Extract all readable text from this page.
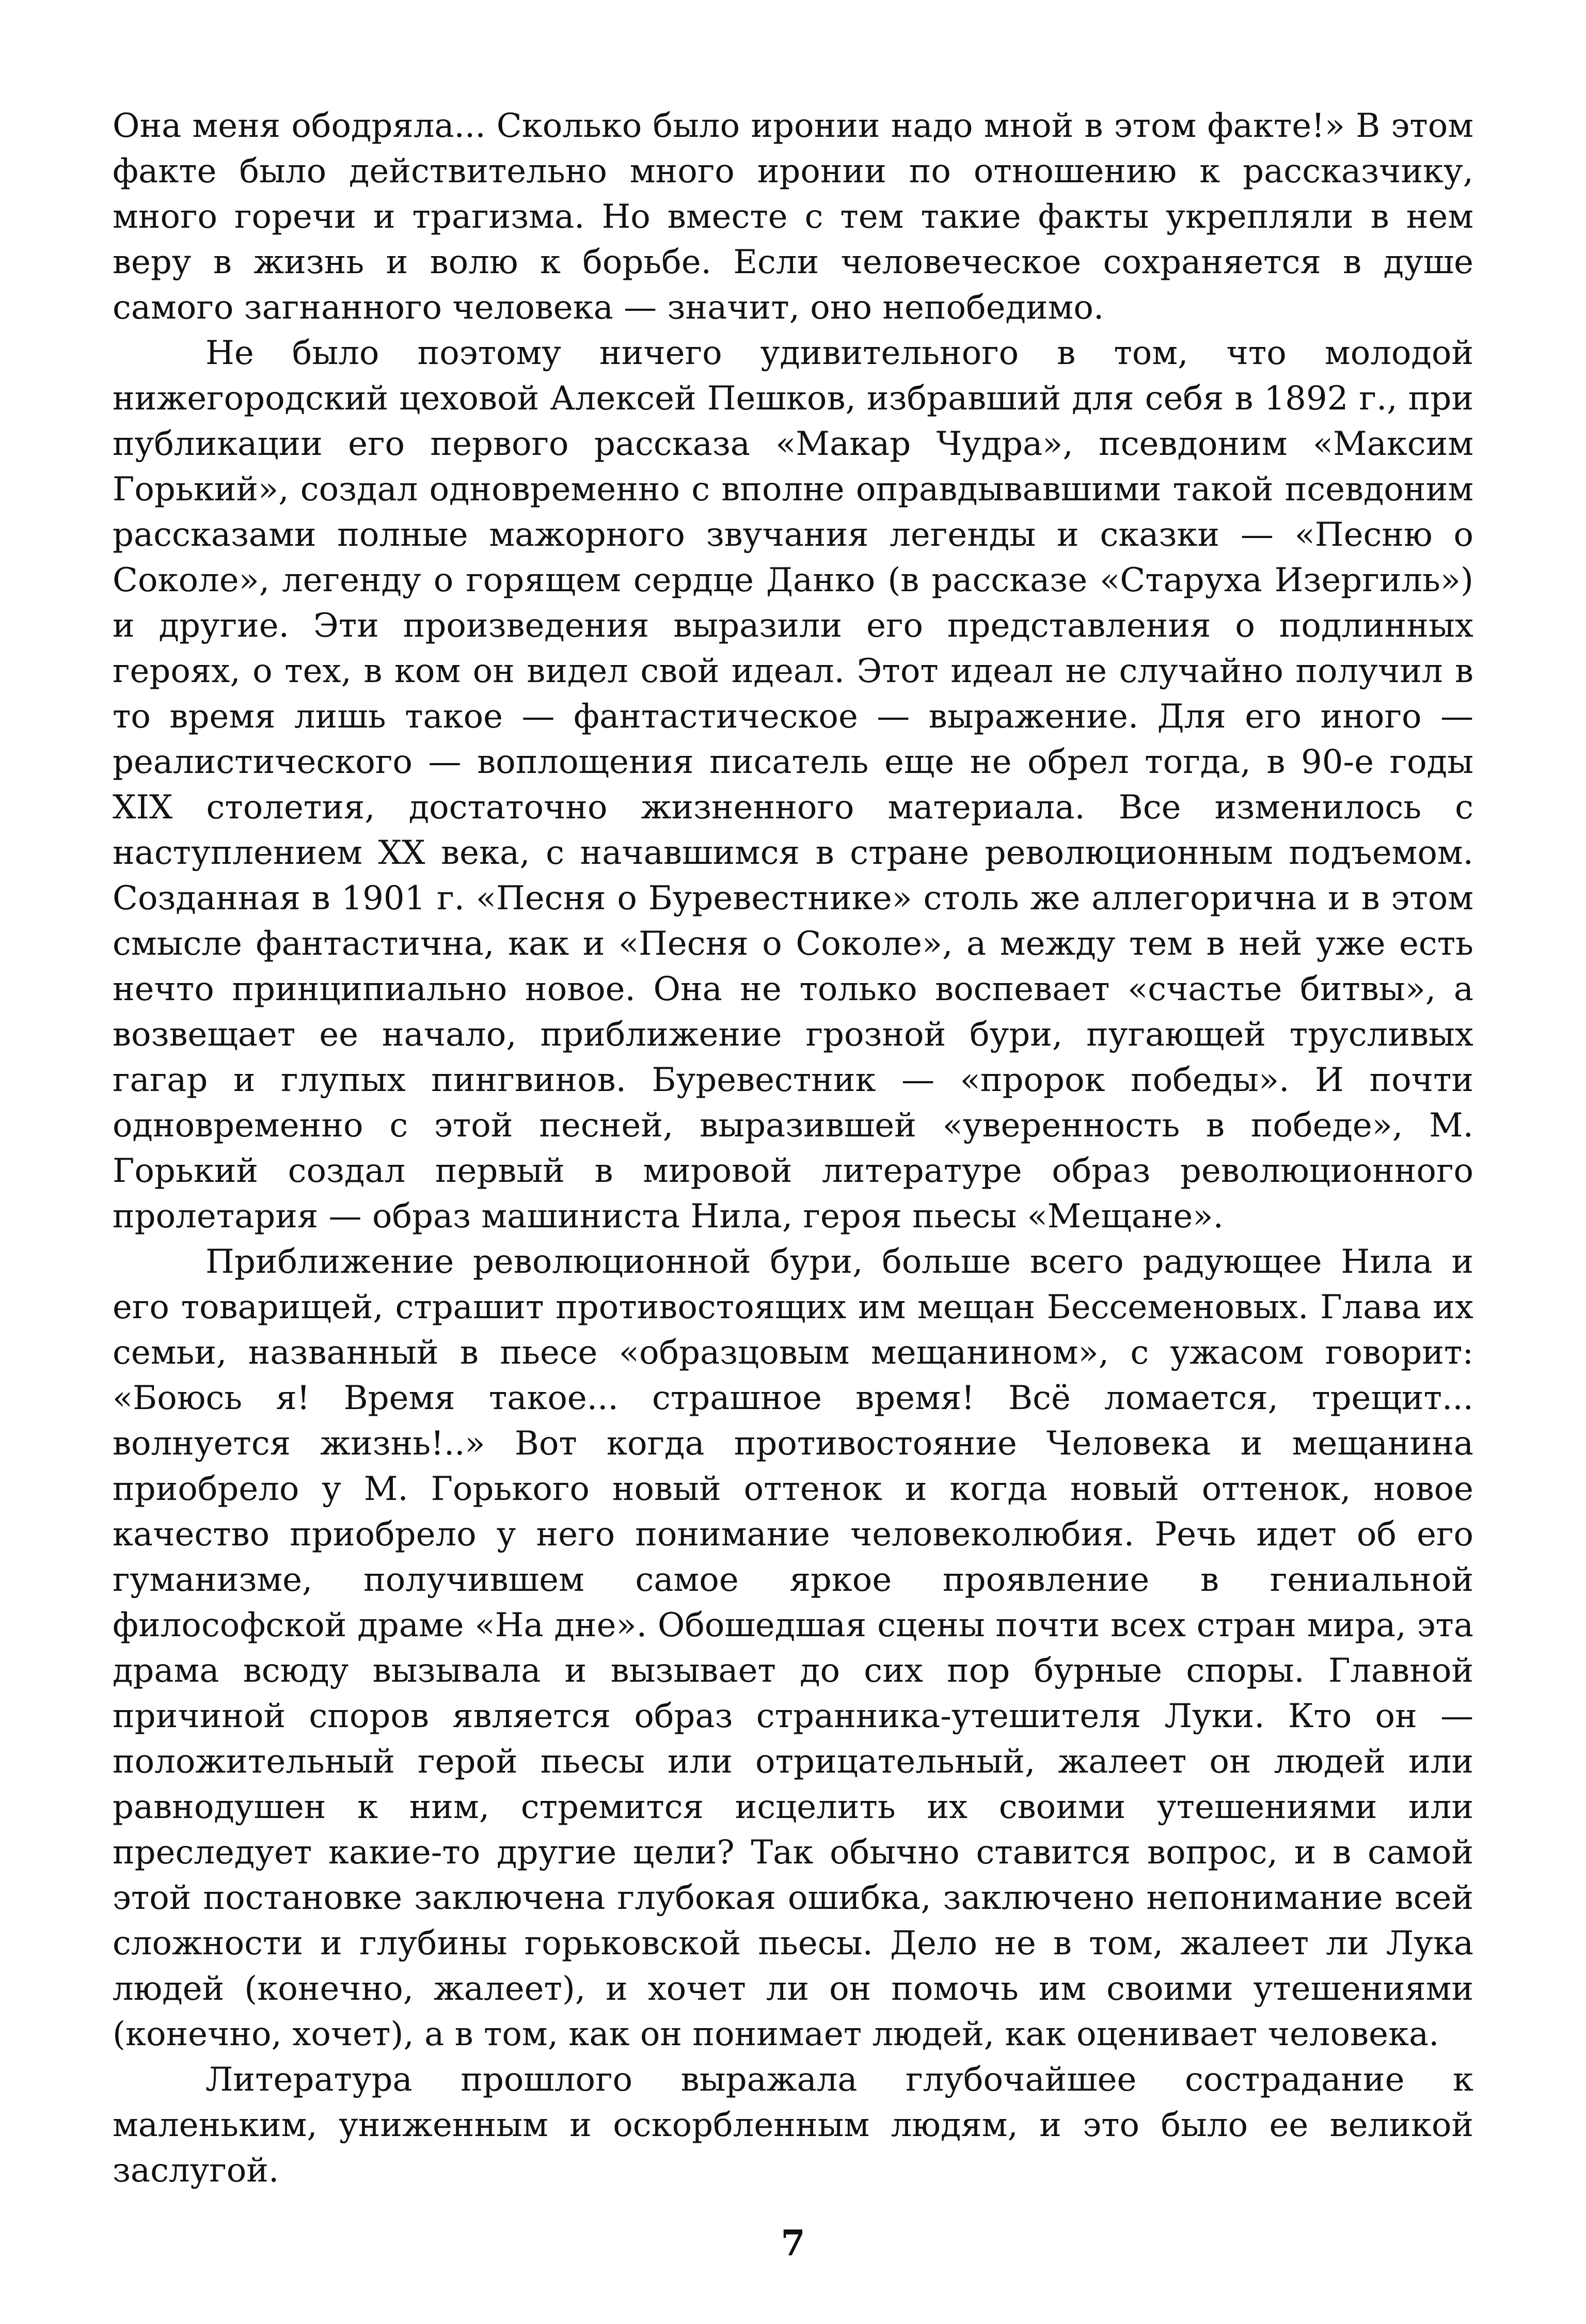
Она меня ободряла... Сколько было иронии надо мной в этом факте!» В этом факте было действительно много иронии по отношению к рассказчику, много горечи и трагизма. Но вместе с тем такие факты укрепляли в нем веру в жизнь и волю к борьбе. Если человеческое сохраняется в душе самого загнанного человека — значит, оно непобедимо.

Не было поэтому ничего удивительного в том, что молодой нижегородский цеховой Алексей Пешков, избравший для себя в 1892 г., при публикации его первого рассказа «Макар Чудра», псевдоним «Максим Горький», создал одновременно с вполне оправдывавшими такой псевдоним рассказами полные мажорного звучания легенды и сказки — «Песню о Соколе», легенду о горящем сердце Данко (в рассказе «Старуха Изергиль») и другие. Эти произведения выразили его представления о подлинных героях, о тех, в ком он видел свой идеал. Этот идеал не случайно получил в то время лишь такое — фантастическое — выражение. Для его иного — реалистического — воплощения писатель еще не обрел тогда, в 90-е годы XIX столетия, достаточно жизненного материала. Все изменилось с наступлением XX века, с начавшимся в стране революционным подъемом. Созданная в 1901 г. «Песня о Буревестнике» столь же аллегорична и в этом смысле фантастична, как и «Песня о Соколе», а между тем в ней уже есть нечто принципиально новое. Она не только воспевает «счастье битвы», а возвещает ее начало, приближение грозной бури, пугающей трусливых гагар и глупых пингвинов. Буревестник — «пророк победы». И почти одновременно с этой песней, выразившей «уверенность в победе», М. Горький создал первый в мировой литературе образ революционного пролетария — образ машиниста Нила, героя пьесы «Мещане».

Приближение революционной бури, больше всего радующее Нила и его товарищей, страшит противостоящих им мещан Бессеменовых. Глава их семьи, названный в пьесе «образцовым мещанином», с ужасом говорит: «Боюсь я! Время такое... страшное время! Всё ломается, трещит... волнуется жизнь!..» Вот когда противостояние Человека и мещанина приобрело у М. Горького новый оттенок и когда новый оттенок, новое качество приобрело у него понимание человеколюбия. Речь идет об его гуманизме, получившем самое яркое проявление в гениальной философской драме «На дне». Обошедшая сцены почти всех стран мира, эта драма всюду вызывала и вызывает до сих пор бурные споры. Главной причиной споров является образ странника-утешителя Луки. Кто он — положительный герой пьесы или отрицательный, жалеет он людей или равнодушен к ним, стремится исцелить их своими утешениями или преследует какие-то другие цели? Так обычно ставится вопрос, и в самой этой постановке заключена глубокая ошибка, заключено непонимание всей сложности и глубины горьковской пьесы. Дело не в том, жалеет ли Лука людей (конечно, жалеет), и хочет ли он помочь им своими утешениями (конечно, хочет), а в том, как он понимает людей, как оценивает человека.

Литература прошлого выражала глубочайшее сострадание к маленьким, униженным и оскорбленным людям, и это было ее великой заслугой.

7
